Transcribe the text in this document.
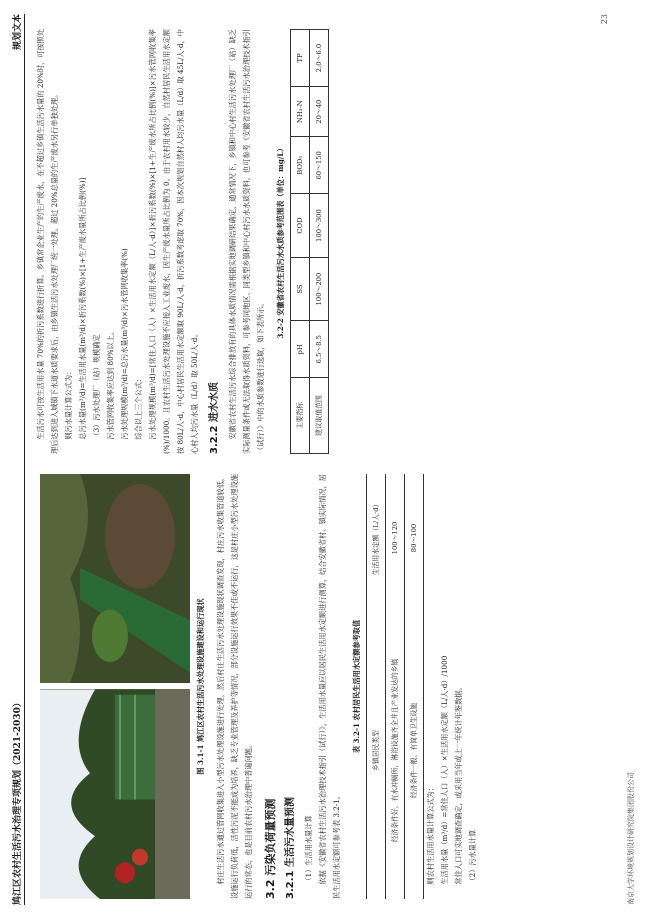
鸠江区农村生活污水治理专项规划（2021-2030）
规划文本	23
南京大学环境规划设计研究院集团股份公司
图 3.1-1 鸠江区农村生活污水处理设施建设和运行现状	村庄生活污水通过管网收集进入小型污水处理设施进行处理，然后村庄生活污水处理设施现状调查发现，村庄污水收集管道较低，设施运行负荷低，活性污泥不能成为培养，缺乏专业管理及养护等情况，部分设施运行效果不佳或不运行，这是村庄小型污水处理设施运行的常态，也是目前农村污水治理中普遍问题。 3.2 污染负荷量预测 3.2.1 生活污水量预测 （1）生活用水量计算 依据《安徽省农村生活污水治理技术指引（试行）》，生活用水量应以居民生活用水定额进行测算，结合安徽省村、镇实际情况，居民生活用水定额可参考表 3.2-1。

表 3.2-1 农村居民生活用水定额参考取值	乡镇居民类型	生活用水定额（L/人·d）
经济条件好，有水冲厕所，淋浴设施齐全并且产业发达的乡镇	100～120
经济条件一般，有简单卫生设施	80～100

则农村生活用水量计算公式为： 生活用水量（m³/d）=常住人口（人）×生活用水定额（L/人·d）/1000 常住人口可实地调查确定，或采用当年或上一年统计年鉴数据。 （2）污水量计算

生活污水可按生活用水量 70%的折污系数进行折算。乡镇常企业生产的生产废水，在不超过乡镇生活污水量的 20%时，可按照处理后达到进入城镇下水道水质要求后，由乡镇生活污水处理厂统一处理。超过 20%总量的生产废水另行单独处理。 则污水量计算公式为： 总污水量(m³/d)=生活用水量(m³/d)×折污系数(%)×[1+生产废水量所占比例(%)] （3）污水处理厂（站）规模确定 污水管网收集率应达到 80%以上。 污水处理规模(m³/d)=总污水量(m³/d)×污水管网收集率(%) 综合以上三个公式： 污水处理规模(m³/d)=[常住人口（人）×生活用水定额（L/人·d）]×折污系数(%)×[1+生产废水所占比例(%)]×污水管网收集率(%)/1000。且农村生活污水处理设施不应接入工业废水，因生产废水量所占比例为 0。由于农村用水较少，自然村居民生活用水定额按 80L/人·d，中心村居民生活用水定额取 90L/人·d，折污系数考虑取 70%，因本次规划自然村人均污水量（L/d）取 45L/人·d，中心村人均污水量（L/d）取 50L/人·d。	3.2.2 进水水质 安徽省农村生活污水综合排放有的具体水质情况需根据实地调研结果确定，通常情况下，乡镇和中心村生活污水处理厂（站）缺乏实际测量条件或无法取得水质资料，可参考同地区、同类型乡镇和中心村污水水质资料，也可参考《安徽省农村生活污水治理技术指引（试行）》中的水质参数进行选取，如下表所示。

3.2-2 安徽省农村生活污水水质参考范围表（单位：mg/L）
主要指标	pH	SS	COD	BOD₅	NH₃-N	TP
建议取值范围	6.5～8.5	100～200	100～300	60～150	20～40	2.0～6.0
